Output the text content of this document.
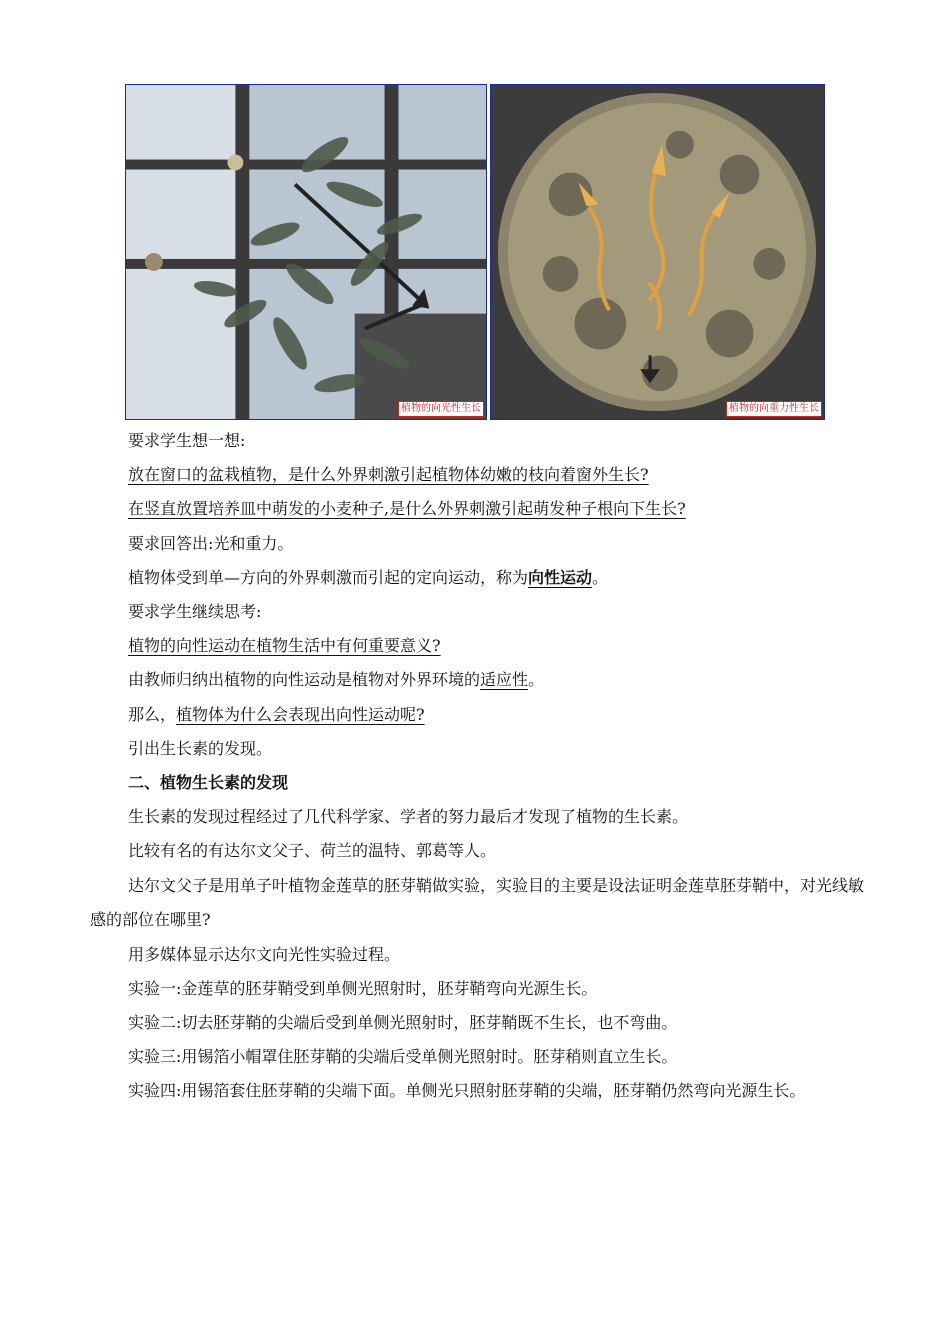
植物的向光性生长	植物的向重力性生长

要求学生想一想:

放在窗口的盆栽植物，是什么外界刺激引起植物体幼嫩的枝向着窗外生长?

在竖直放置培养皿中萌发的小麦种子,是什么外界刺激引起萌发种子根向下生长?

要求回答出:光和重力。

植物体受到单—方向的外界刺激而引起的定向运动，称为向性运动。

要求学生继续思考:

植物的向性运动在植物生活中有何重要意义?

由教师归纳出植物的向性运动是植物对外界环境的适应性。

那么，植物体为什么会表现出向性运动呢?

引出生长素的发现。

二、植物生长素的发现

生长素的发现过程经过了几代科学家、学者的努力最后才发现了植物的生长素。

比较有名的有达尔文父子、荷兰的温特、郭葛等人。

达尔文父子是用单子叶植物金莲草的胚芽鞘做实验，实验目的主要是设法证明金莲草胚芽鞘中，对光线敏感的部位在哪里?

用多媒体显示达尔文向光性实验过程。

实验一:金莲草的胚芽鞘受到单侧光照射时，胚芽鞘弯向光源生长。

实验二:切去胚芽鞘的尖端后受到单侧光照射时，胚芽鞘既不生长，也不弯曲。

实验三:用锡箔小帽罩住胚芽鞘的尖端后受单侧光照射时。胚芽稍则直立生长。

实验四:用锡箔套住胚芽鞘的尖端下面。单侧光只照射胚芽鞘的尖端，胚芽鞘仍然弯向光源生长。
